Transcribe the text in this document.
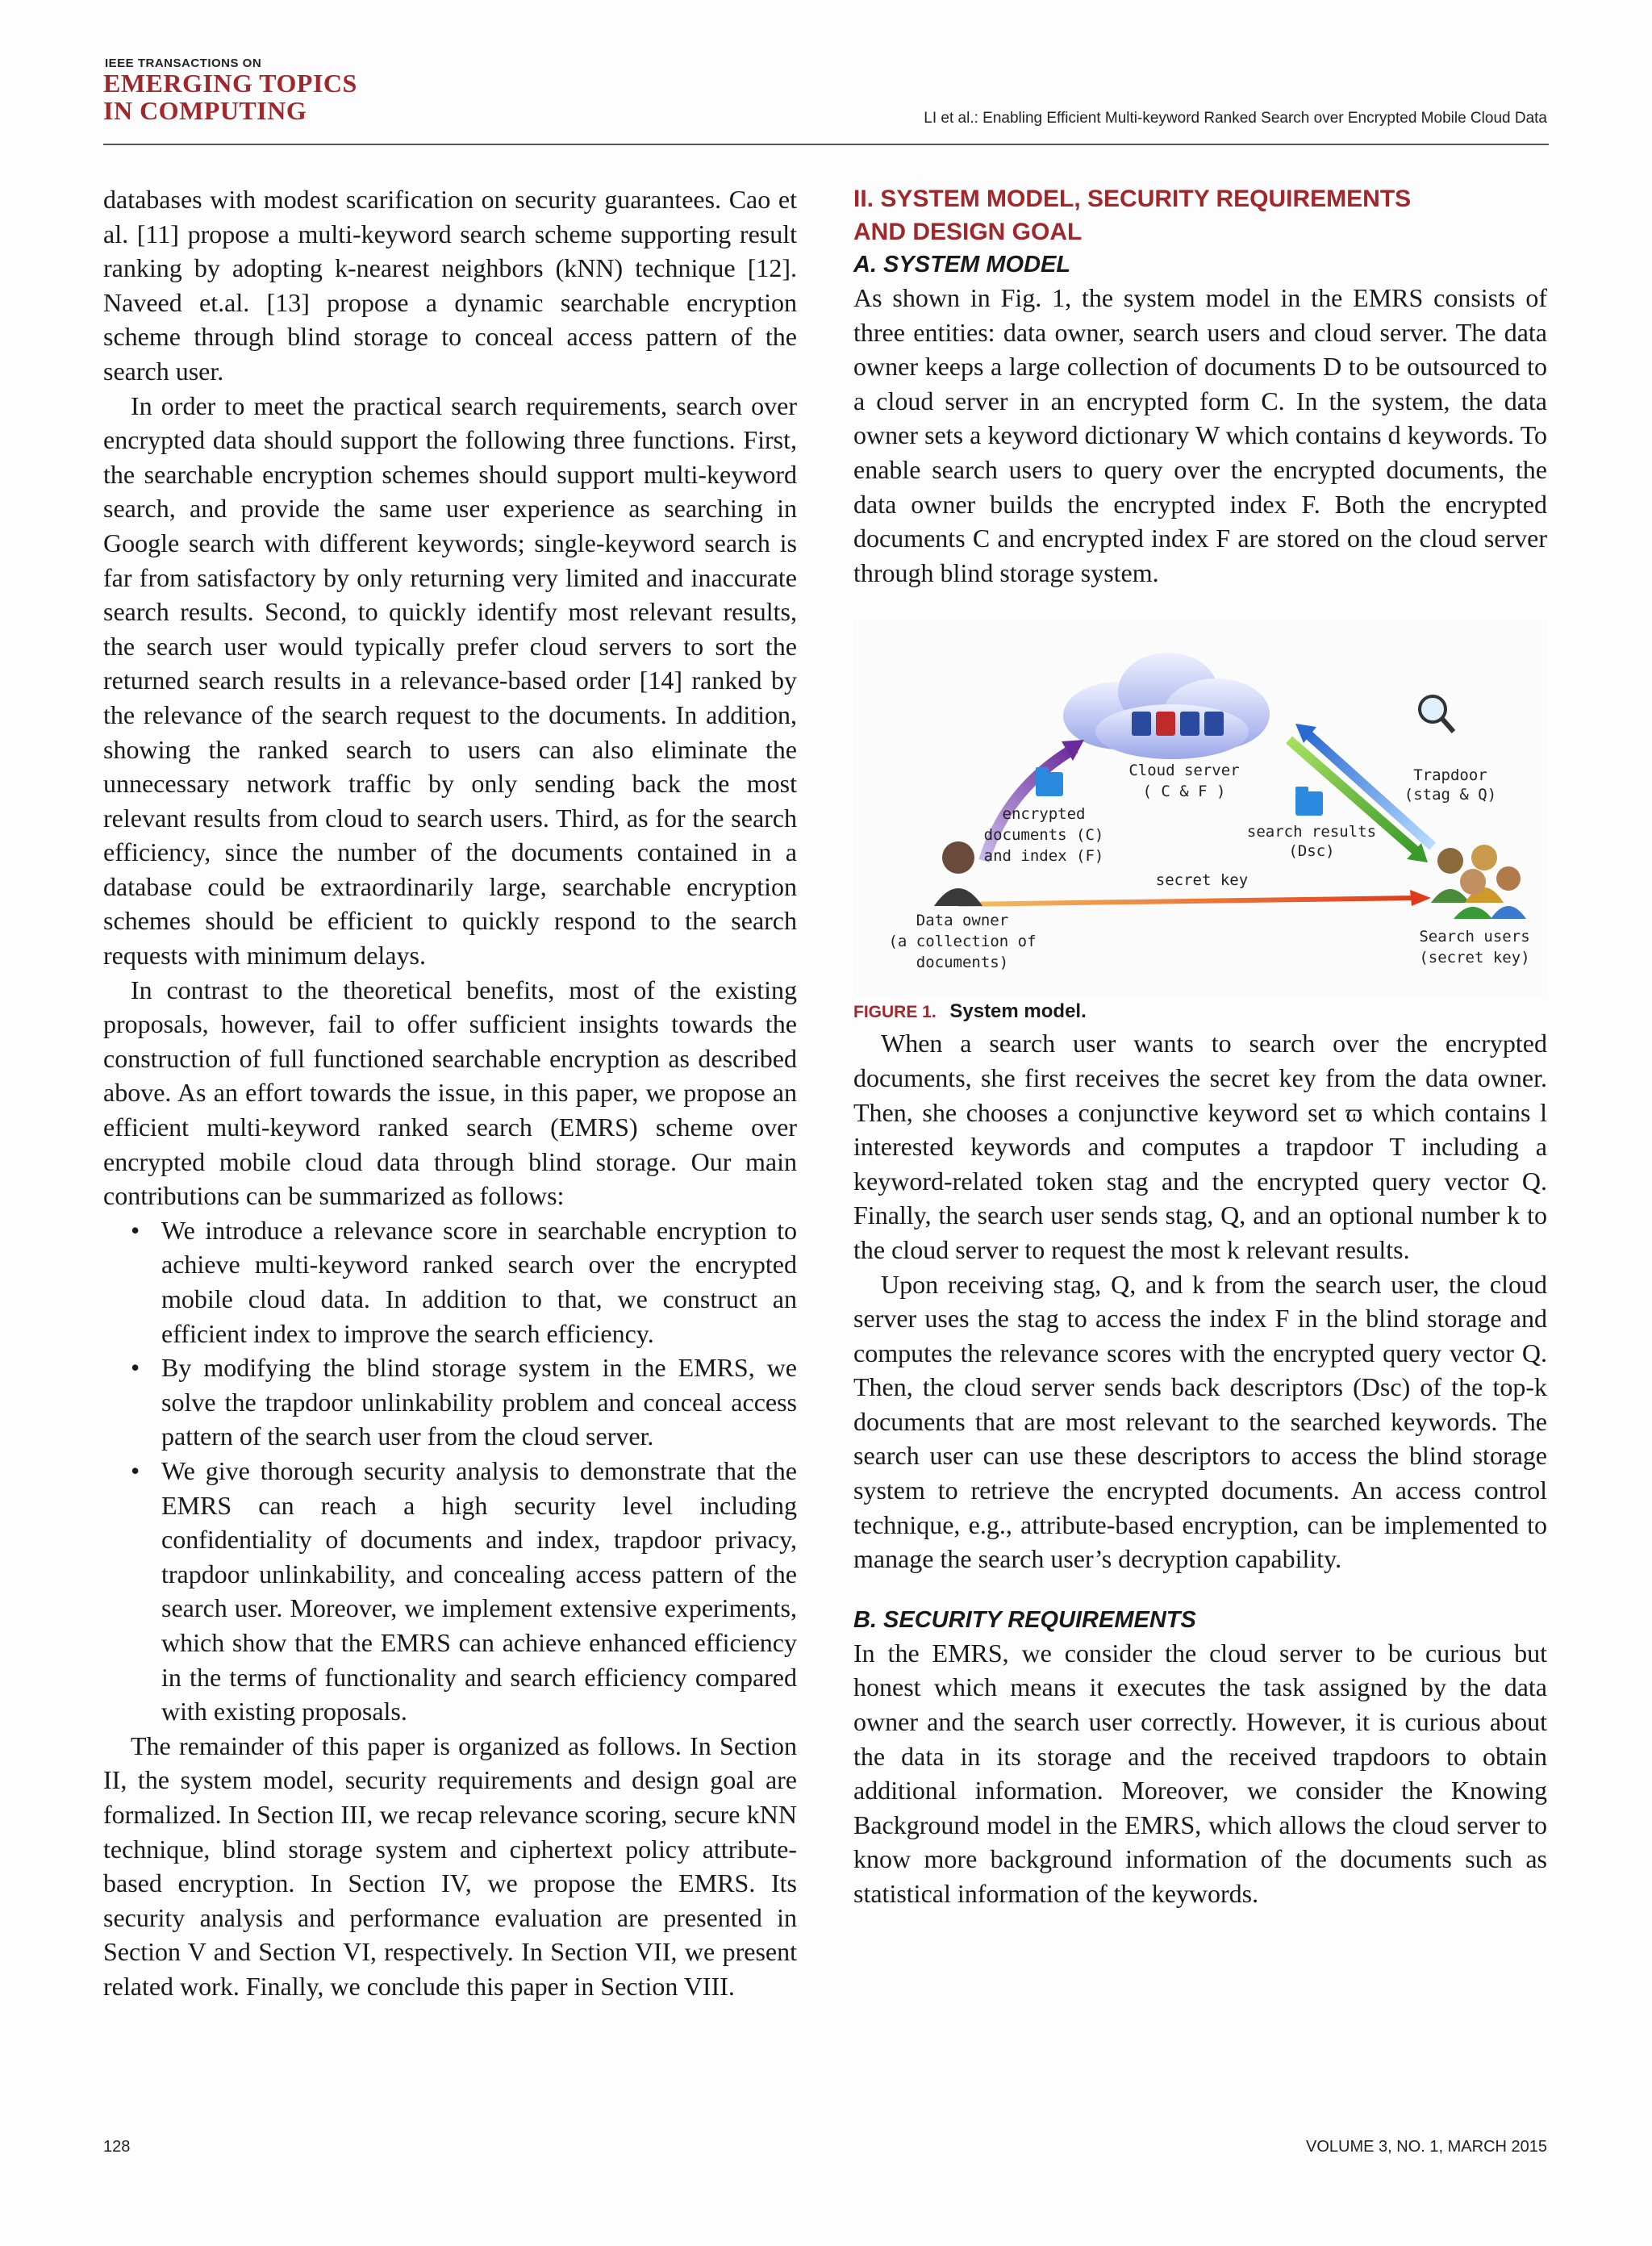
IEEE TRANSACTIONS ON
EMERGING TOPICS
IN COMPUTING	LI et al.: Enabling Efficient Multi-keyword Ranked Search over Encrypted Mobile Cloud Data

databases with modest scarification on security guarantees. Cao et al. [11] propose a multi-keyword search scheme supporting result ranking by adopting k-nearest neighbors (kNN) technique [12]. Naveed et.al. [13] propose a dynamic searchable encryption scheme through blind storage to conceal access pattern of the search user.

In order to meet the practical search requirements, search over encrypted data should support the following three functions. First, the searchable encryption schemes should support multi-keyword search, and provide the same user experience as searching in Google search with different keywords; single-keyword search is far from satisfactory by only returning very limited and inaccurate search results. Second, to quickly identify most relevant results, the search user would typically prefer cloud servers to sort the returned search results in a relevance-based order [14] ranked by the relevance of the search request to the documents. In addition, showing the ranked search to users can also eliminate the unnecessary network traffic by only sending back the most relevant results from cloud to search users. Third, as for the search efficiency, since the number of the documents contained in a database could be extraordinarily large, searchable encryption schemes should be efficient to quickly respond to the search requests with minimum delays.

In contrast to the theoretical benefits, most of the existing proposals, however, fail to offer sufficient insights towards the construction of full functioned searchable encryption as described above. As an effort towards the issue, in this paper, we propose an efficient multi-keyword ranked search (EMRS) scheme over encrypted mobile cloud data through blind storage. Our main contributions can be summarized as follows:

• We introduce a relevance score in searchable encryption to achieve multi-keyword ranked search over the encrypted mobile cloud data. In addition to that, we construct an efficient index to improve the search efficiency.
• By modifying the blind storage system in the EMRS, we solve the trapdoor unlinkability problem and conceal access pattern of the search user from the cloud server.
• We give thorough security analysis to demonstrate that the EMRS can reach a high security level including confidentiality of documents and index, trapdoor privacy, trapdoor unlinkability, and concealing access pattern of the search user. Moreover, we implement extensive experiments, which show that the EMRS can achieve enhanced efficiency in the terms of functionality and search efficiency compared with existing proposals.

The remainder of this paper is organized as follows. In Section II, the system model, security requirements and design goal are formalized. In Section III, we recap relevance scoring, secure kNN technique, blind storage system and ciphertext policy attribute-based encryption. In Section IV, we propose the EMRS. Its security analysis and performance evaluation are presented in Section V and Section VI, respectively. In Section VII, we present related work. Finally, we conclude this paper in Section VIII.

II. SYSTEM MODEL, SECURITY REQUIREMENTS
AND DESIGN GOAL

A. SYSTEM MODEL

As shown in Fig. 1, the system model in the EMRS consists of three entities: data owner, search users and cloud server. The data owner keeps a large collection of documents D to be outsourced to a cloud server in an encrypted form C. In the system, the data owner sets a keyword dictionary W which contains d keywords. To enable search users to query over the encrypted documents, the data owner builds the encrypted index F. Both the encrypted documents C and encrypted index F are stored on the cloud server through blind storage system.

Cloud server
( C & F )
Trapdoor
(stag & Q)
encrypted
documents (C)
and index (F)
search results
(Dsc)
secret key
Data owner
(a collection of
documents)
Search users
(secret key)

FIGURE 1. System model.

When a search user wants to search over the encrypted documents, she first receives the secret key from the data owner. Then, she chooses a conjunctive keyword set ϖ which contains l interested keywords and computes a trapdoor T including a keyword-related token stag and the encrypted query vector Q. Finally, the search user sends stag, Q, and an optional number k to the cloud server to request the most k relevant results.

Upon receiving stag, Q, and k from the search user, the cloud server uses the stag to access the index F in the blind storage and computes the relevance scores with the encrypted query vector Q. Then, the cloud server sends back descriptors (Dsc) of the top-k documents that are most relevant to the searched keywords. The search user can use these descriptors to access the blind storage system to retrieve the encrypted documents. An access control technique, e.g., attribute-based encryption, can be implemented to manage the search user’s decryption capability.

B. SECURITY REQUIREMENTS

In the EMRS, we consider the cloud server to be curious but honest which means it executes the task assigned by the data owner and the search user correctly. However, it is curious about the data in its storage and the received trapdoors to obtain additional information. Moreover, we consider the Knowing Background model in the EMRS, which allows the cloud server to know more background information of the documents such as statistical information of the keywords.

128	VOLUME 3, NO. 1, MARCH 2015
